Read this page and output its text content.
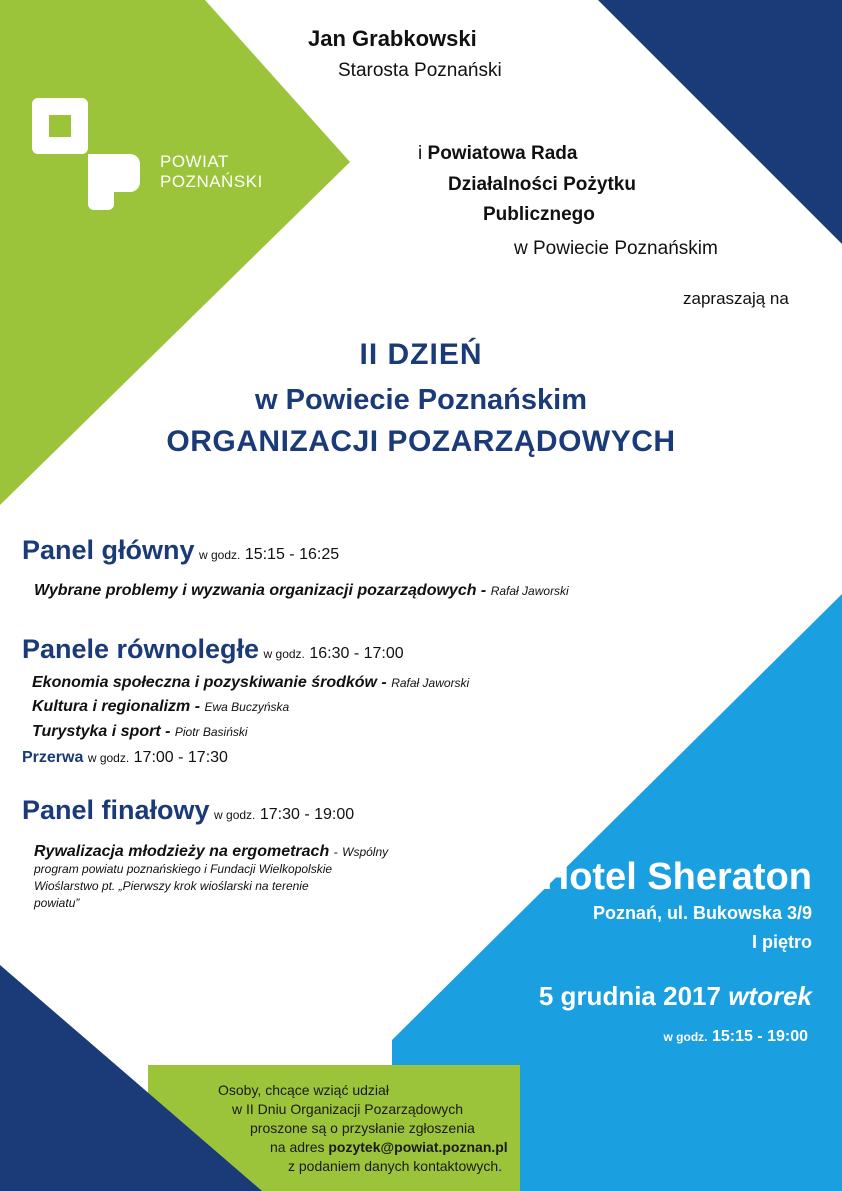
POWIAT
POZNAŃSKI
Jan Grabkowski
Starosta Poznański
i Powiatowa Rada
Działalności Pożytku
Publicznego
w Powiecie Poznańskim
zapraszają na
II DZIEŃ
w Powiecie Poznańskim
ORGANIZACJI POZARZĄDOWYCH
Panel główny w godz. 15:15 - 16:25
Wybrane problemy i wyzwania organizacji pozarządowych - Rafał Jaworski
Panele równoległe w godz. 16:30 - 17:00
Ekonomia społeczna i pozyskiwanie środków - Rafał Jaworski
Kultura i regionalizm - Ewa Buczyńska
Turystyka i sport - Piotr Basiński
Przerwa w godz. 17:00 - 17:30
Panel finałowy w godz. 17:30 - 19:00
Rywalizacja młodzieży na ergometrach - Wspólny
program powiatu poznańskiego i Fundacji Wielkopolskie
Wioślarstwo pt. „Pierwszy krok wioślarski na terenie
powiatu”
Hotel Sheraton
Poznań, ul. Bukowska 3/9
I piętro
5 grudnia 2017 wtorek
w godz. 15:15 - 19:00
Osoby, chcące wziąć udział
w II Dniu Organizacji Pozarządowych
proszone są o przysłanie zgłoszenia
na adres pozytek@powiat.poznan.pl
z podaniem danych kontaktowych.
